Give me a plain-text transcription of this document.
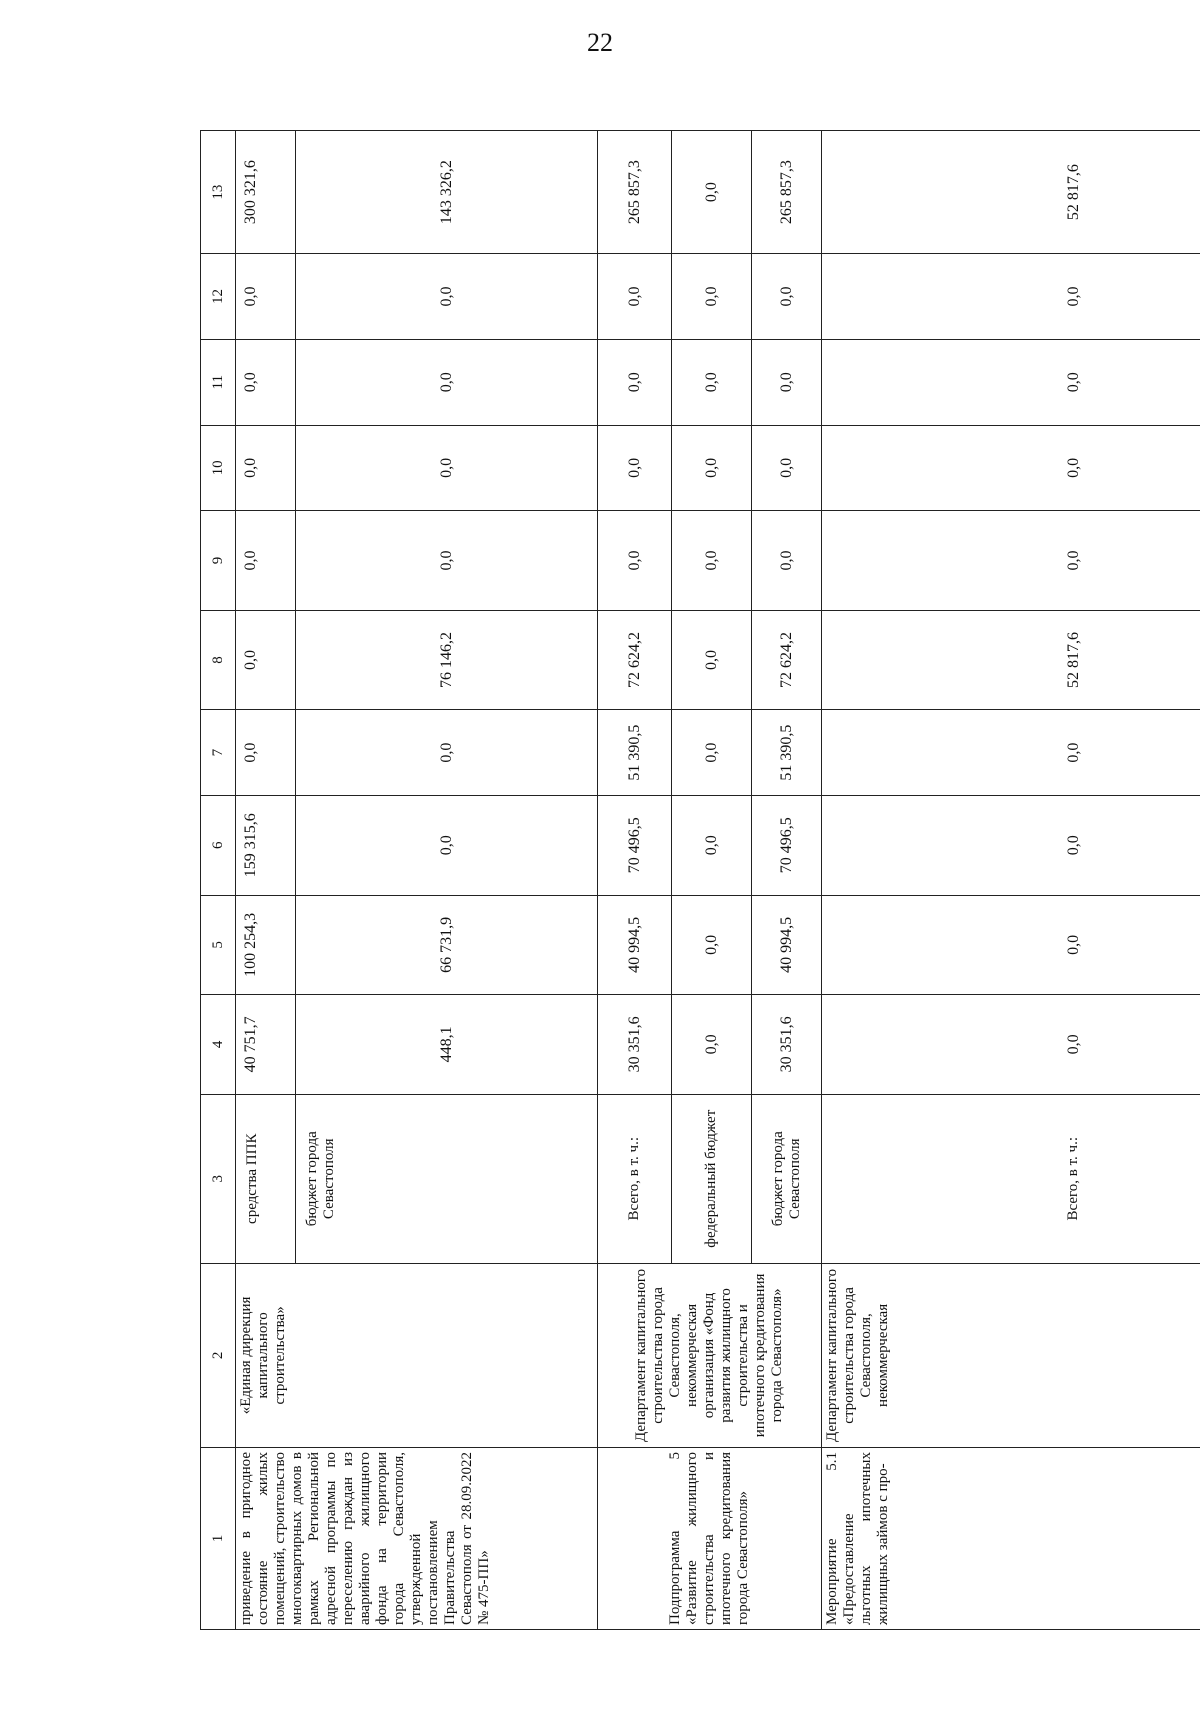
22
1	2	3	4	5	6	7	8	9	10	11	12	13
приведение в пригодное состояние жилых помещений, строительство многоквартирных домов в рамках Региональной адресной программы по переселению граждан из аварийного жилищного фонда на территории города Севастополя, утвержденной постановлением Правительства Севастополя от 28.09.2022 № 475-ПП»	«Единая дирекция капитального строительства»	средства ППК	40 751,7	100 254,3	159 315,6	0,0	0,0	0,0	0,0	0,0	0,0	300 321,6
		бюджет города Севастополя	448,1	66 731,9	0,0	0,0	76 146,2	0,0	0,0	0,0	0,0	143 326,2
Подпрограмма 5 «Развитие жилищного строительства и ипотечного кредитования города Севастополя»	Департамент капитального строительства города Севастополя, некоммерческая организация «Фонд развития жилищного строительства и ипотечного кредитования города Севастополя»	Всего, в т. ч.:	30 351,6	40 994,5	70 496,5	51 390,5	72 624,2	0,0	0,0	0,0	0,0	265 857,3
		федеральный бюджет	0,0	0,0	0,0	0,0	0,0	0,0	0,0	0,0	0,0	0,0
		бюджет города Севастополя	30 351,6	40 994,5	70 496,5	51 390,5	72 624,2	0,0	0,0	0,0	0,0	265 857,3
Мероприятие 5.1 «Предоставление льготных ипотечных жилищных займов с про-	Департамент капитального строительства города Севастополя, некоммерческая	Всего, в т. ч.:	0,0	0,0	0,0	0,0	52 817,6	0,0	0,0	0,0	0,0	52 817,6
